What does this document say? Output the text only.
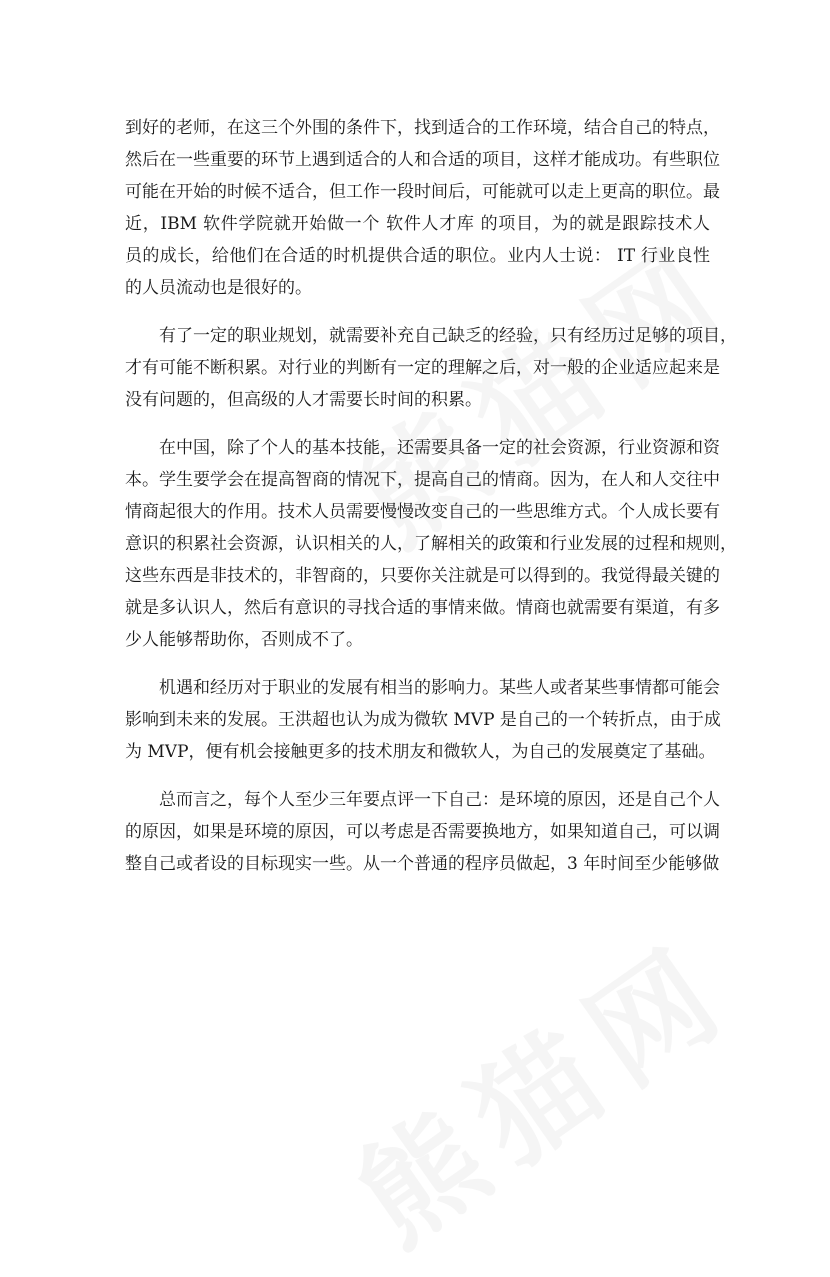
到好的老师，在这三个外围的条件下，找到适合的工作环境，结合自己的特点，
然后在一些重要的环节上遇到适合的人和合适的项目，这样才能成功。有些职位
可能在开始的时候不适合，但工作一段时间后，可能就可以走上更高的职位。最
近，IBM 软件学院就开始做一个 软件人才库 的项目，为的就是跟踪技术人
员的成长，给他们在合适的时机提供合适的职位。业内人士说： IT 行业良性
的人员流动也是很好的。
有了一定的职业规划，就需要补充自己缺乏的经验，只有经历过足够的项目，
才有可能不断积累。对行业的判断有一定的理解之后，对一般的企业适应起来是
没有问题的，但高级的人才需要长时间的积累。
在中国，除了个人的基本技能，还需要具备一定的社会资源，行业资源和资
本。学生要学会在提高智商的情况下，提高自己的情商。因为，在人和人交往中
情商起很大的作用。技术人员需要慢慢改变自己的一些思维方式。个人成长要有
意识的积累社会资源，认识相关的人，了解相关的政策和行业发展的过程和规则，
这些东西是非技术的，非智商的，只要你关注就是可以得到的。我觉得最关键的
就是多认识人，然后有意识的寻找合适的事情来做。情商也就需要有渠道，有多
少人能够帮助你，否则成不了。
机遇和经历对于职业的发展有相当的影响力。某些人或者某些事情都可能会
影响到未来的发展。王洪超也认为成为微软 MVP 是自己的一个转折点，由于成
为 MVP，便有机会接触更多的技术朋友和微软人，为自己的发展奠定了基础。
总而言之，每个人至少三年要点评一下自己：是环境的原因，还是自己个人
的原因，如果是环境的原因，可以考虑是否需要换地方，如果知道自己，可以调
整自己或者设的目标现实一些。从一个普通的程序员做起，3 年时间至少能够做
